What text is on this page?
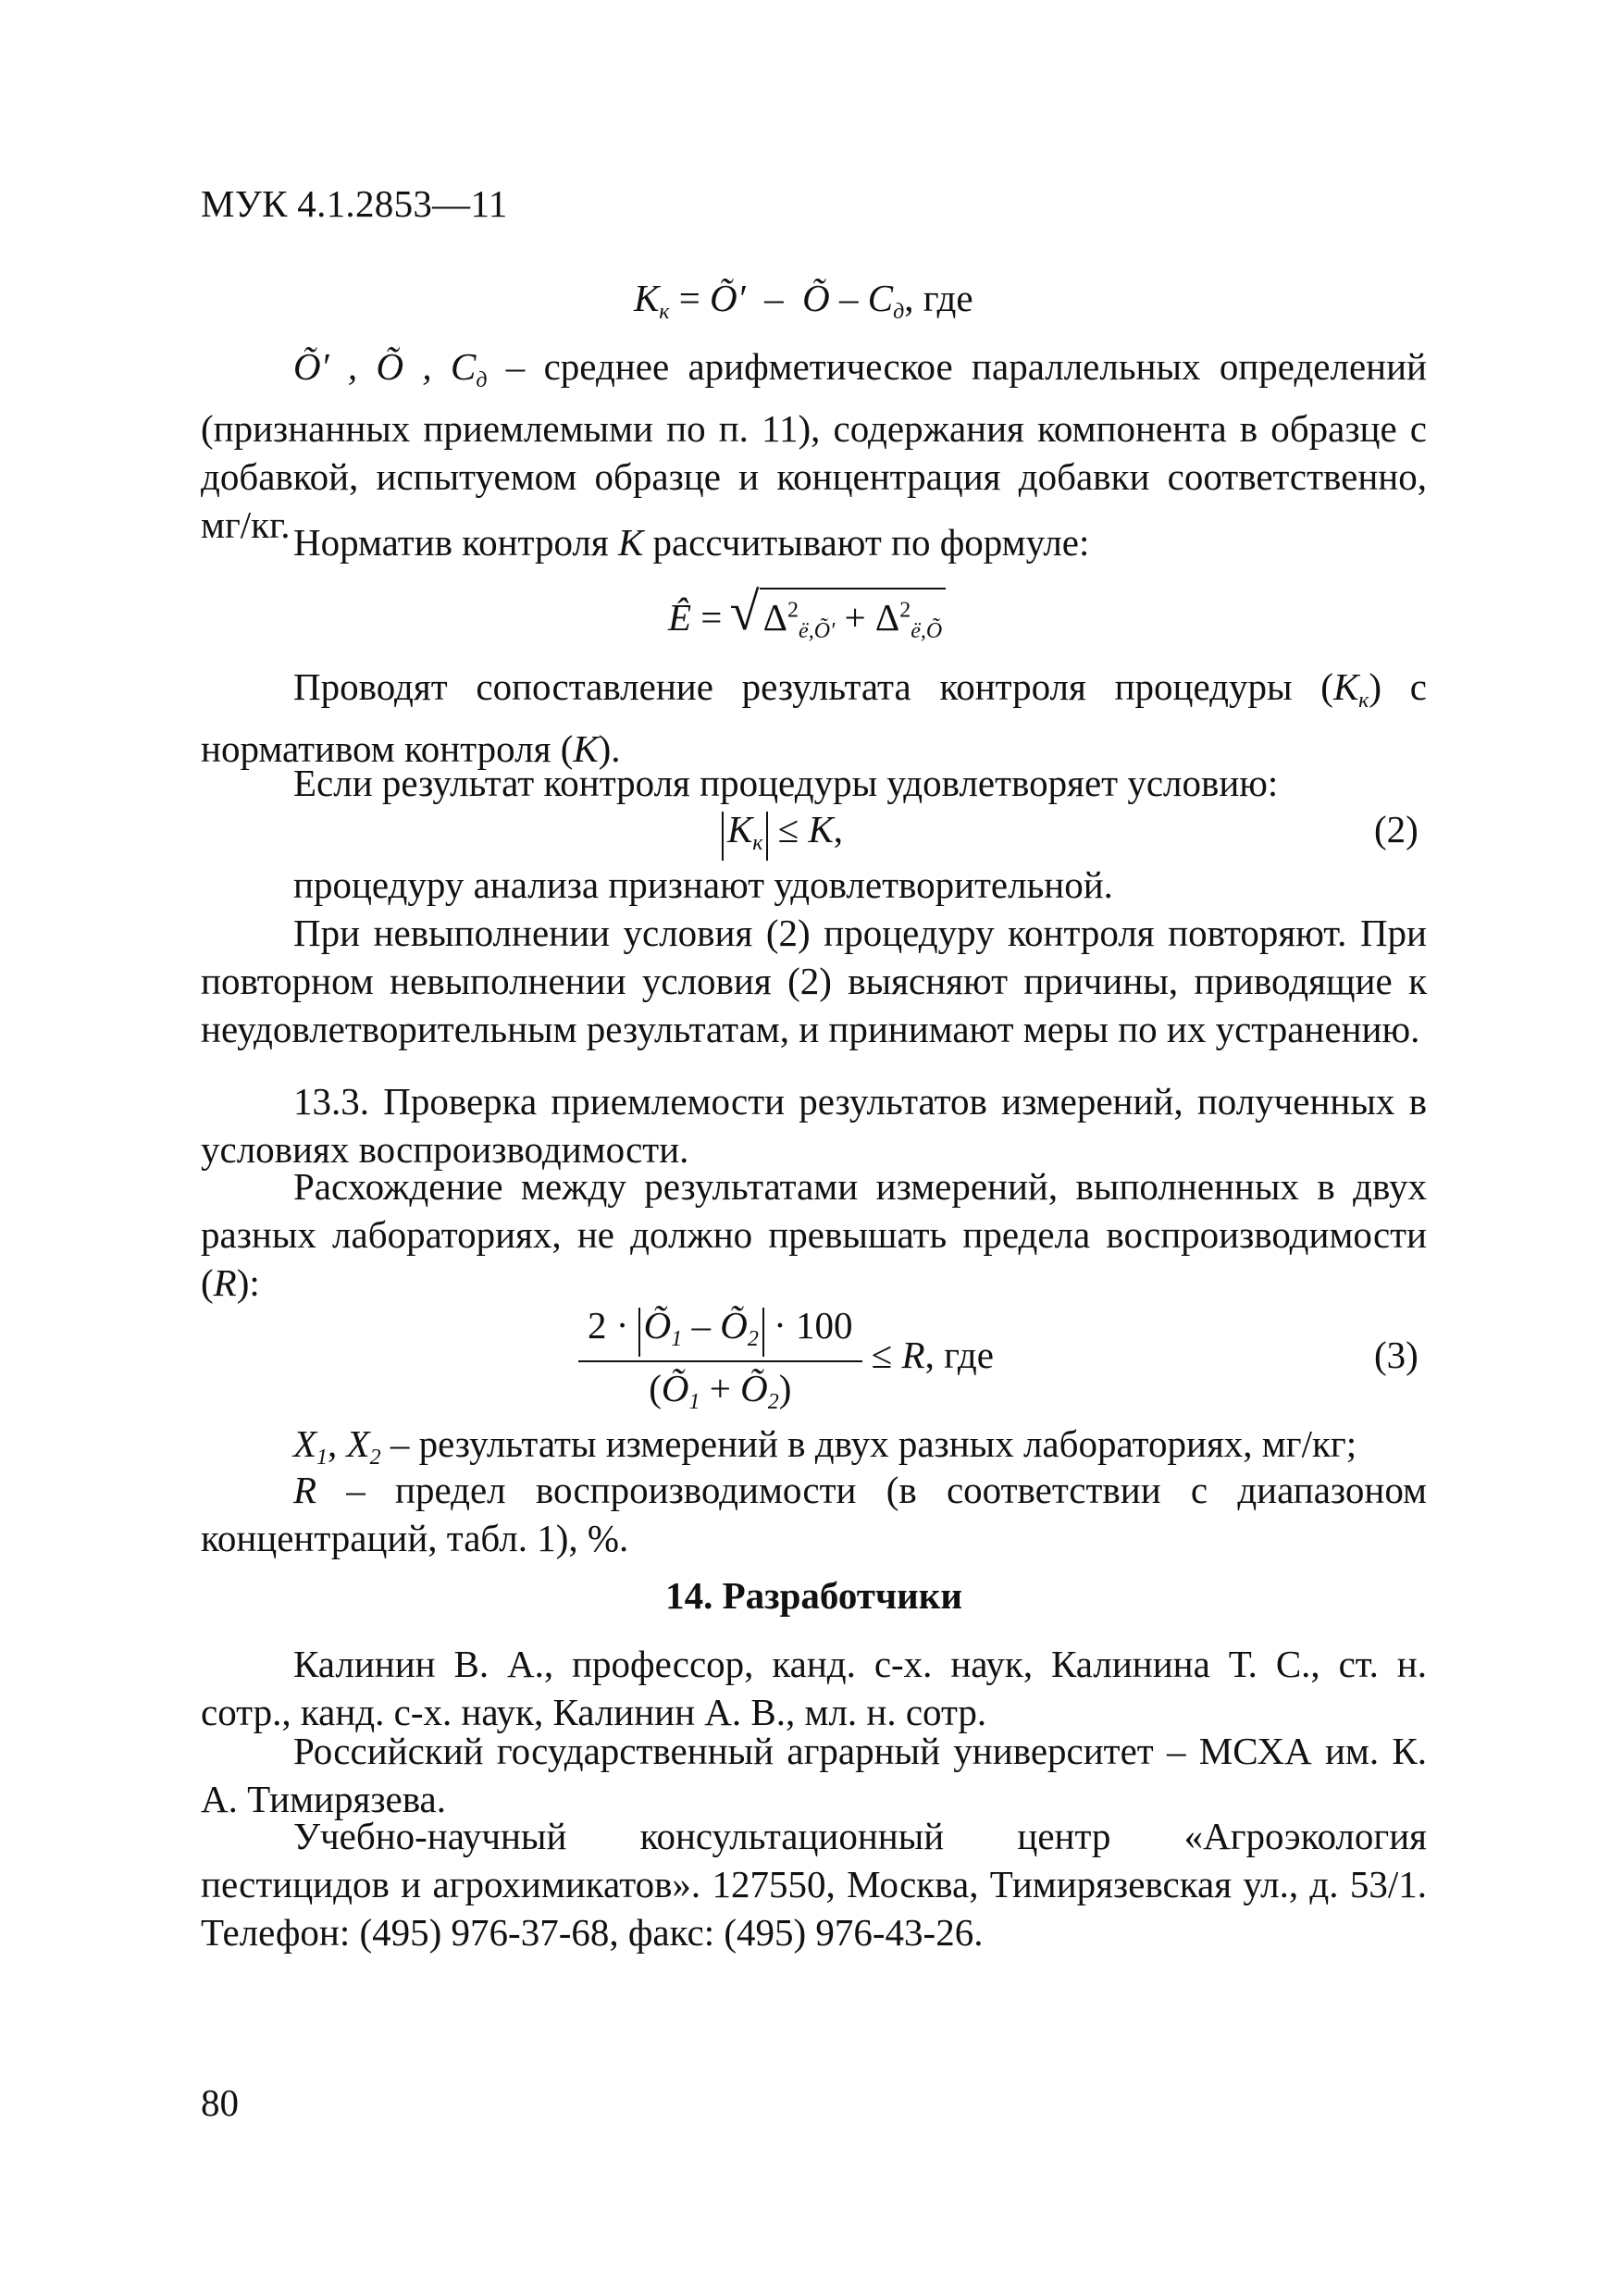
МУК 4.1.2853—11
$К_к$ = Õ′  –  Õ – $С_д$, где

Õ′ , Õ , $С_д$ – среднее арифметическое параллельных определений (признанных приемлемыми по п. 11), содержания компонента в образце с добавкой, испытуемом образце и концентрация добавки соответственно, мг/кг. Норматив контроля К рассчитывают по формуле:

Ê = √ $\Delta^2_{ë,Õ'} + \Delta^2_{ë,Õ}$

Проводят сопоставление результата контроля процедуры $(К_к)$ с нормативом контроля (К).

Если результат контроля процедуры удовлетворяет условию:

$К_к \le К$,	(2)

процедуру анализа признают удовлетворительной.

При невыполнении условия (2) процедуру контроля повторяют. При повторном невыполнении условия (2) выясняют причины, приводящие к неудовлетворительным результатам, и принимают меры по их устранению.

13.3. Проверка приемлемости результатов измерений, полученных в условиях воспроизводимости.

Расхождение между результатами измерений, выполненных в двух разных лабораториях, не должно превышать предела воспроизводимости (R):

$\frac{2 \cdot Õ_1 - Õ_2 \cdot 100}{(Õ_1 + Õ_2)} \le R$, где	(3)

$X_1$, $X_2$ – результаты измерений в двух разных лабораториях, мг/кг;

R – предел воспроизводимости (в соответствии с диапазоном концентраций, табл. 1), %.

14. Разработчики

Калинин В. А., профессор, канд. с-х. наук, Калинина Т. С., ст. н. сотр., канд. с-х. наук, Калинин А. В., мл. н. сотр.

Российский государственный аграрный университет – МСХА им. К. А. Тимирязева.

Учебно-научный консультационный центр «Агроэкология пестицидов и агрохимикатов». 127550, Москва, Тимирязевская ул., д. 53/1. Телефон: (495) 976-37-68, факс: (495) 976-43-26.

80
